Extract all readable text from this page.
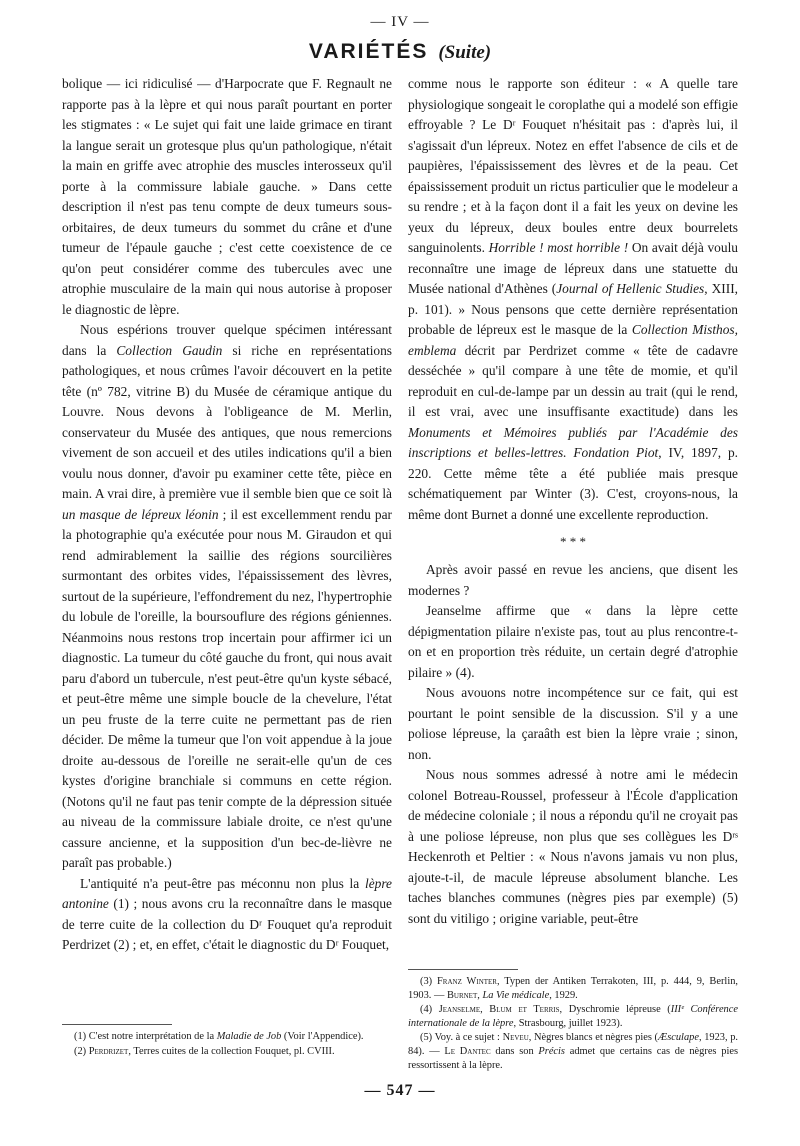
— IV —
VARIÉTÉS (Suite)

bolique — ici ridiculisé — d'Harpocrate que F. Regnault ne rapporte pas à la lèpre et qui nous paraît pourtant en porter les stigmates : « Le sujet qui fait une laide grimace en tirant la langue serait un grotesque plus qu'un pathologique, n'était la main en griffe avec atrophie des muscles interosseux qu'il porte à la commissure labiale gauche. » Dans cette description il n'est pas tenu compte de deux tumeurs sous-orbitaires, de deux tumeurs du sommet du crâne et d'une tumeur de l'épaule gauche ; c'est cette coexistence de ce qu'on peut considérer comme des tubercules avec une atrophie musculaire de la main qui nous autorise à proposer le diagnostic de lèpre.

Nous espérions trouver quelque spécimen intéressant dans la Collection Gaudin si riche en représentations pathologiques, et nous crûmes l'avoir découvert en la petite tête (nº 782, vitrine B) du Musée de céramique antique du Louvre. Nous devons à l'obligeance de M. Merlin, conservateur du Musée des antiques, que nous remercions vivement de son accueil et des utiles indications qu'il a bien voulu nous donner, d'avoir pu examiner cette tête, pièce en main. A vrai dire, à première vue il semble bien que ce soit là un masque de lépreux léonin ; il est excellemment rendu par la photographie qu'a exécutée pour nous M. Giraudon et qui rend admirablement la saillie des régions sourcilières surmontant des orbites vides, l'épaississement des lèvres, surtout de la supérieure, l'effondrement du nez, l'hypertrophie du lobule de l'oreille, la boursouflure des régions géniennes. Néanmoins nous restons trop incertain pour affirmer ici un diagnostic. La tumeur du côté gauche du front, qui nous avait paru d'abord un tubercule, n'est peut-être qu'un kyste sébacé, et peut-être même une simple boucle de la chevelure, l'état un peu fruste de la terre cuite ne permettant pas de rien décider. De même la tumeur que l'on voit appendue à la joue droite au-dessous de l'oreille ne serait-elle qu'un de ces kystes d'origine branchiale si communs en cette région. (Notons qu'il ne faut pas tenir compte de la dépression située au niveau de la commissure labiale droite, ce n'est qu'une cassure ancienne, et la supposition d'un bec-de-lièvre ne paraît pas probable.)

L'antiquité n'a peut-être pas méconnu non plus la lèpre antonine (1) ; nous avons cru la reconnaître dans le masque de terre cuite de la collection du Dʳ Fouquet qu'a reproduit Perdrizet (2) ; et, en effet, c'était le diagnostic du Dʳ Fouquet,

(1) C'est notre interprétation de la Maladie de Job (Voir l'Appendice).

(2) Perdrizet, Terres cuites de la collection Fouquet, pl. CVIII.

comme nous le rapporte son éditeur : « A quelle tare physiologique songeait le coroplathe qui a modelé son effigie effroyable ? Le Dʳ Fouquet n'hésitait pas : d'après lui, il s'agissait d'un lépreux. Notez en effet l'absence de cils et de paupières, l'épaississement des lèvres et de la peau. Cet épaississement produit un rictus particulier que le modeleur a su rendre ; et à la façon dont il a fait les yeux on devine les yeux du lépreux, deux boules entre deux bourrelets sanguinolents. Horrible ! most horrible ! On avait déjà voulu reconnaître une image de lépreux dans une statuette du Musée national d'Athènes (Journal of Hellenic Studies, XIII, p. 101). » Nous pensons que cette dernière représentation probable de lépreux est le masque de la Collection Misthos, emblema décrit par Perdrizet comme « tête de cadavre desséchée » qu'il compare à une tête de momie, et qu'il reproduit en cul-de-lampe par un dessin au trait (qui le rend, il est vrai, avec une insuffisante exactitude) dans les Monuments et Mémoires publiés par l'Académie des inscriptions et belles-lettres. Fondation Piot, IV, 1897, p. 220. Cette même tête a été publiée mais presque schématiquement par Winter (3). C'est, croyons-nous, la même dont Burnet a donné une excellente reproduction.

* * *

Après avoir passé en revue les anciens, que disent les modernes ?

Jeanselme affirme que « dans la lèpre cette dépigmentation pilaire n'existe pas, tout au plus rencontre-t-on et en proportion très réduite, un certain degré d'atrophie pilaire » (4).

Nous avouons notre incompétence sur ce fait, qui est pourtant le point sensible de la discussion. S'il y a une poliose lépreuse, la çaraâth est bien la lèpre vraie ; sinon, non.

Nous nous sommes adressé à notre ami le médecin colonel Botreau-Roussel, professeur à l'École d'application de médecine coloniale ; il nous a répondu qu'il ne croyait pas à une poliose lépreuse, non plus que ses collègues les Dʳˢ Heckenroth et Peltier : « Nous n'avons jamais vu non plus, ajoute-t-il, de macule lépreuse absolument blanche. Les taches blanches communes (nègres pies par exemple) (5) sont du vitiligo ; origine variable, peut-être

(3) Franz Winter, Typen der Antiken Terrakoten, III, p. 444, 9, Berlin, 1903. — Burnet, La Vie médicale, 1929.

(4) Jeanselme, Blum et Terris, Dyschromie lépreuse (IIIᵉ Conférence internationale de la lèpre, Strasbourg, juillet 1923).

(5) Voy. à ce sujet : Neveu, Nègres blancs et nègres pies (Æsculape, 1923, p. 84). — Le Dantec dans son Précis admet que certains cas de nègres pies ressortissent à la lèpre.

— 547 —
